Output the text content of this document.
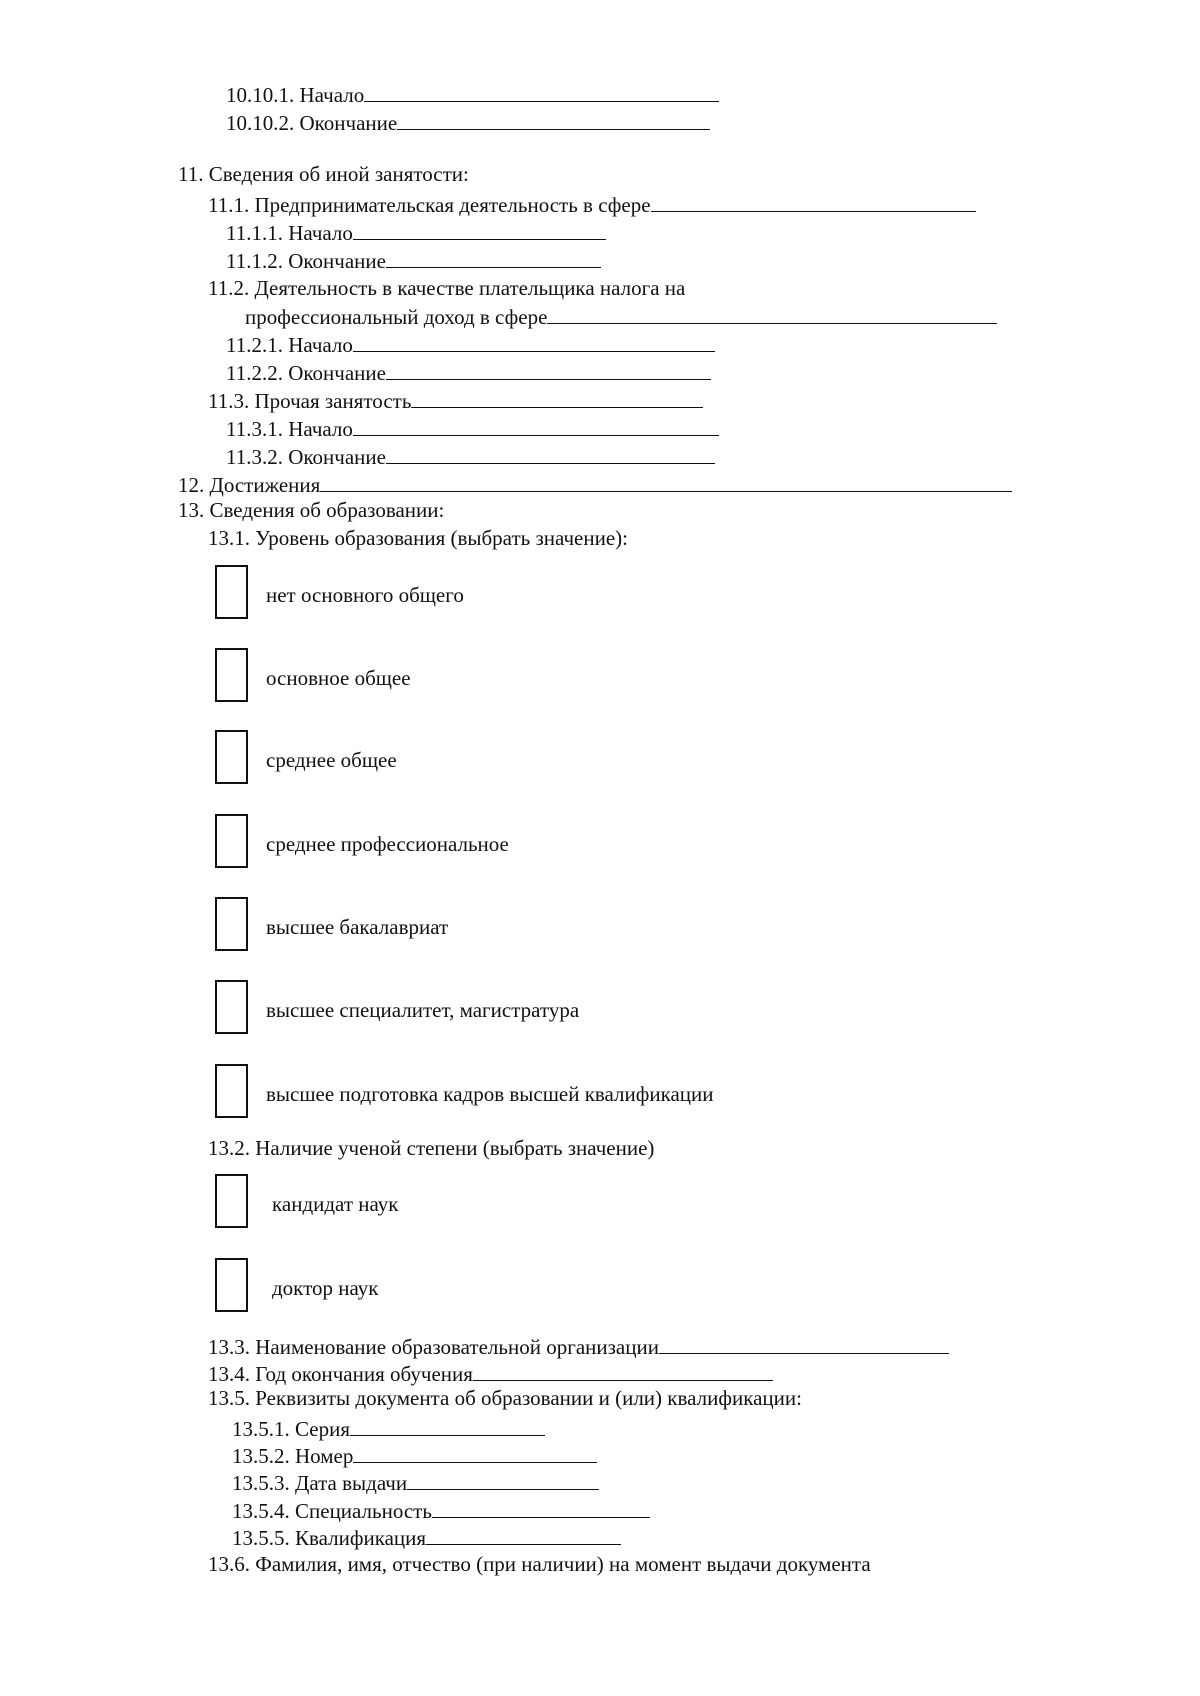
10.10.1. Начало
10.10.2. Окончание
11. Сведения об иной занятости:
11.1. Предпринимательская деятельность в сфере
11.1.1. Начало
11.1.2. Окончание
11.2. Деятельность в качестве плательщика налога на
профессиональный доход в сфере
11.2.1. Начало
11.2.2. Окончание
11.3. Прочая занятость
11.3.1. Начало
11.3.2. Окончание
12. Достижения
13. Сведения об образовании:
13.1. Уровень образования (выбрать значение):
нет основного общего
основное общее
среднее общее
среднее профессиональное
высшее бакалавриат
высшее специалитет, магистратура
высшее подготовка кадров высшей квалификации
13.2. Наличие ученой степени (выбрать значение)
кандидат наук
доктор наук
13.3. Наименование образовательной организации
13.4. Год окончания обучения
13.5. Реквизиты документа об образовании и (или) квалификации:
13.5.1. Серия
13.5.2. Номер
13.5.3. Дата выдачи
13.5.4. Специальность
13.5.5. Квалификация
13.6. Фамилия, имя, отчество (при наличии) на момент выдачи документа
